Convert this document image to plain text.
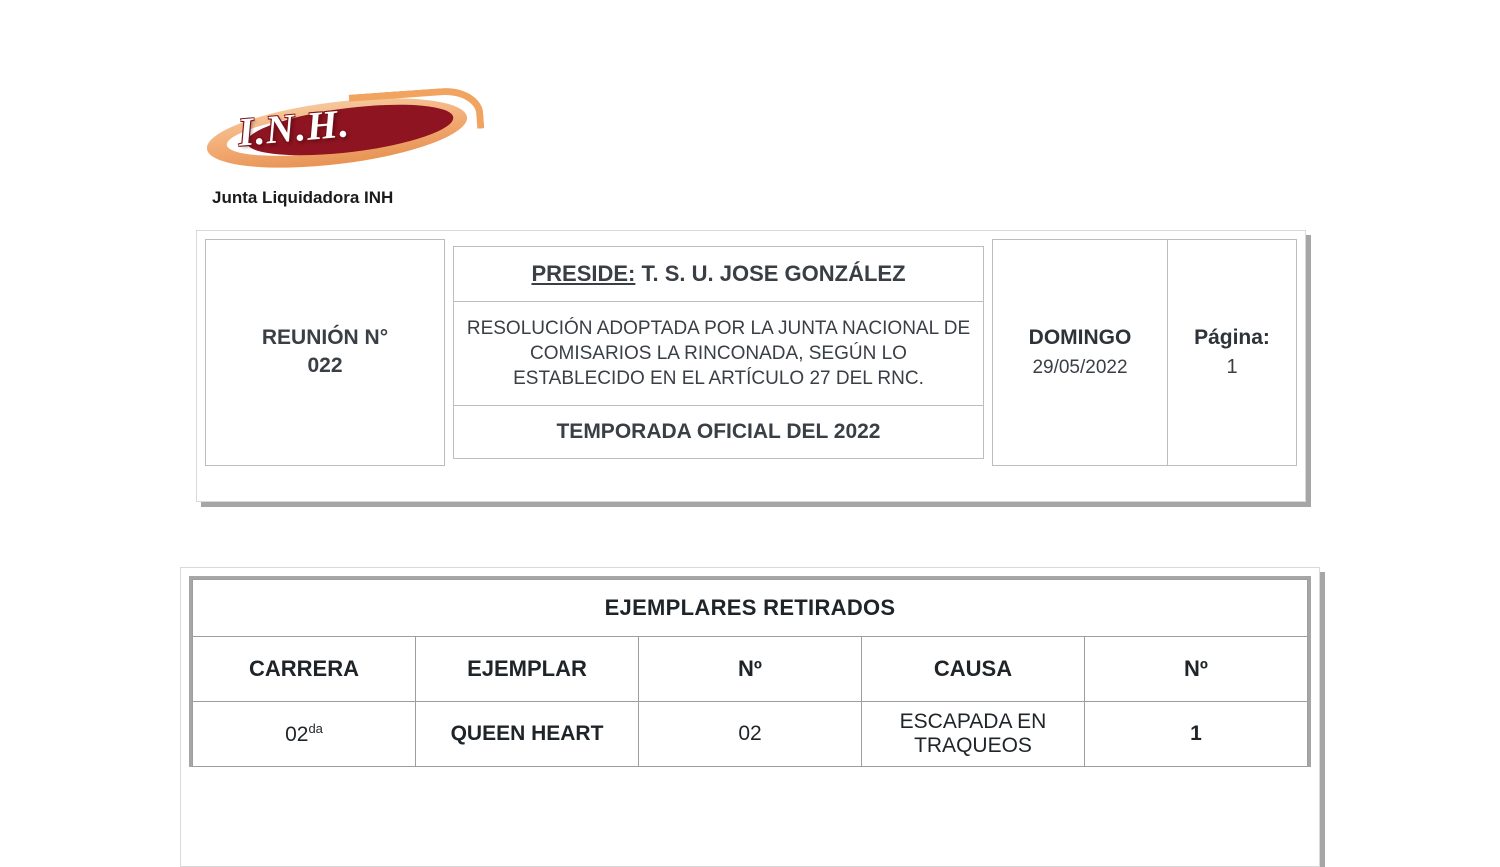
I.N.H.
Junta Liquidadora INH
REUNIÓN N°
022	
PRESIDE: T. S. U. JOSE GONZÁLEZ
RESOLUCIÓN ADOPTADA POR LA JUNTA NACIONAL DE COMISARIOS LA RINCONADA, SEGÚN LO ESTABLECIDO EN EL ARTÍCULO 27 DEL RNC.
TEMPORADA OFICIAL DEL 2022

DOMINGO
29/05/2022

Página:
1
EJEMPLARES RETIRADOS				
CARRERA	EJEMPLAR	Nº	CAUSA	Nº
$02^{da}$	QUEEN HEART	02	ESCAPADA EN TRAQUEOS	1
